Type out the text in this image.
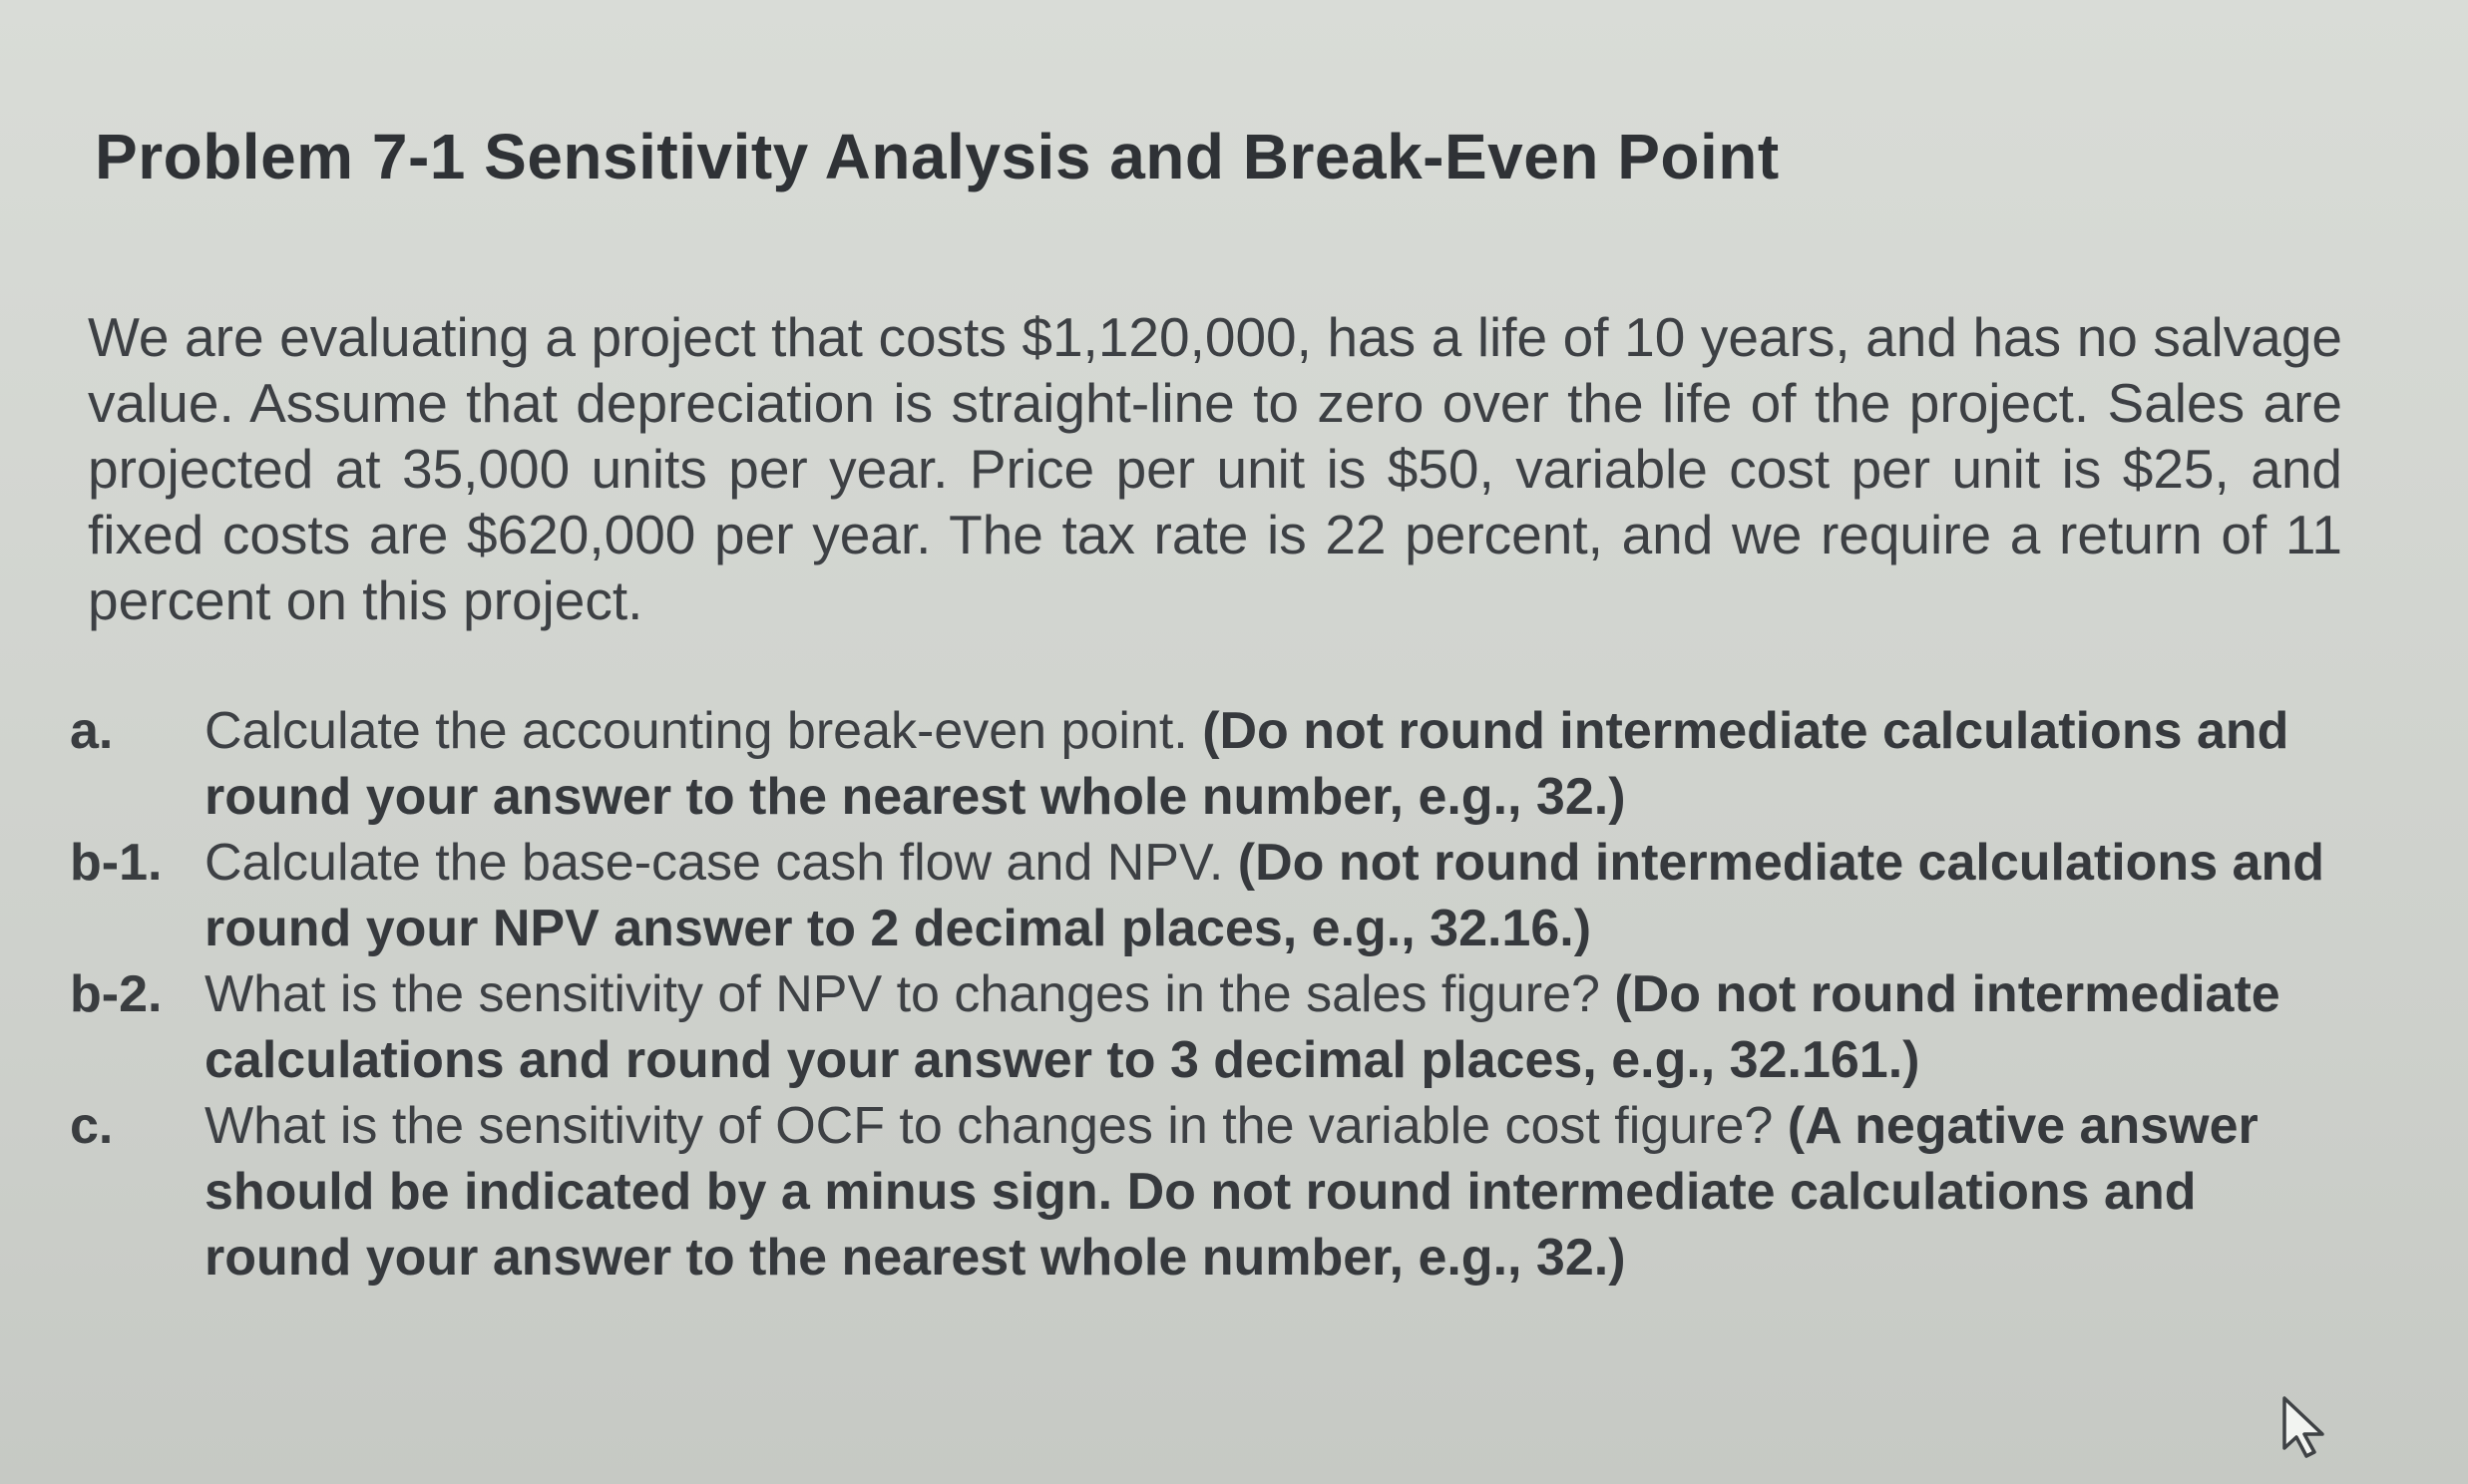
Problem 7-1 Sensitivity Analysis and Break-Even Point

We are evaluating a project that costs $1,120,000, has a life of 10 years, and has no salvage value. Assume that depreciation is straight-line to zero over the life of the project. Sales are projected at 35,000 units per year. Price per unit is $50, variable cost per unit is $25, and fixed costs are $620,000 per year. The tax rate is 22 percent, and we require a return of 11 percent on this project.

a.	Calculate the accounting break-even point. (Do not round intermediate calculations and round your answer to the nearest whole number, e.g., 32.)
b-1. Calculate the base-case cash flow and NPV. (Do not round intermediate calculations and round your NPV answer to 2 decimal places, e.g., 32.16.)
b-2. What is the sensitivity of NPV to changes in the sales figure? (Do not round intermediate calculations and round your answer to 3 decimal places, e.g., 32.161.)
c.	What is the sensitivity of OCF to changes in the variable cost figure? (A negative answer should be indicated by a minus sign. Do not round intermediate calculations and round your answer to the nearest whole number, e.g., 32.)
